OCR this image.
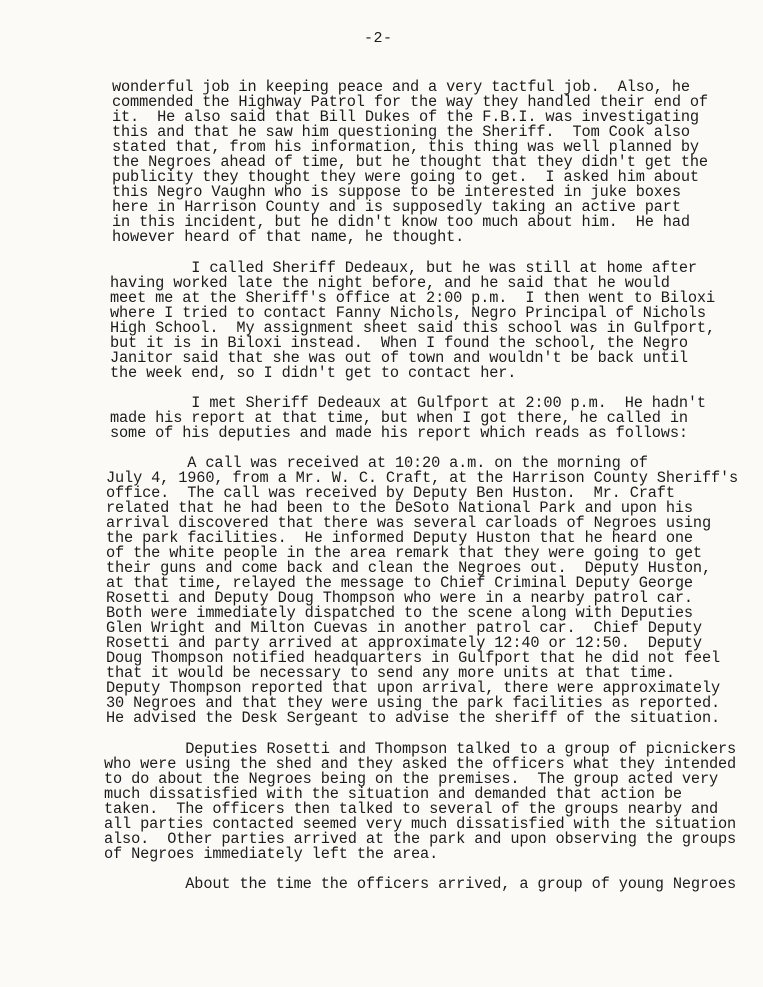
-2-
wonderful job in keeping peace and a very tactful job.  Also, he
commended the Highway Patrol for the way they handled their end of
it.  He also said that Bill Dukes of the F.B.I. was investigating
this and that he saw him questioning the Sheriff.  Tom Cook also
stated that, from his information, this thing was well planned by
the Negroes ahead of time, but he thought that they didn't get the
publicity they thought they were going to get.  I asked him about
this Negro Vaughn who is suppose to be interested in juke boxes
here in Harrison County and is supposedly taking an active part
in this incident, but he didn't know too much about him.  He had
however heard of that name, he thought.
I called Sheriff Dedeaux, but he was still at home after
having worked late the night before, and he said that he would
meet me at the Sheriff's office at 2:00 p.m.  I then went to Biloxi
where I tried to contact Fanny Nichols, Negro Principal of Nichols
High School.  My assignment sheet said this school was in Gulfport,
but it is in Biloxi instead.  When I found the school, the Negro
Janitor said that she was out of town and wouldn't be back until
the week end, so I didn't get to contact her.
I met Sheriff Dedeaux at Gulfport at 2:00 p.m.  He hadn't
made his report at that time, but when I got there, he called in
some of his deputies and made his report which reads as follows:
A call was received at 10:20 a.m. on the morning of
July 4, 1960, from a Mr. W. C. Craft, at the Harrison County Sheriff's
office.  The call was received by Deputy Ben Huston.  Mr. Craft
related that he had been to the DeSoto National Park and upon his
arrival discovered that there was several carloads of Negroes using
the park facilities.  He informed Deputy Huston that he heard one
of the white people in the area remark that they were going to get
their guns and come back and clean the Negroes out.  Deputy Huston,
at that time, relayed the message to Chief Criminal Deputy George
Rosetti and Deputy Doug Thompson who were in a nearby patrol car.
Both were immediately dispatched to the scene along with Deputies
Glen Wright and Milton Cuevas in another patrol car.  Chief Deputy
Rosetti and party arrived at approximately 12:40 or 12:50.  Deputy
Doug Thompson notified headquarters in Gulfport that he did not feel
that it would be necessary to send any more units at that time.
Deputy Thompson reported that upon arrival, there were approximately
30 Negroes and that they were using the park facilities as reported.
He advised the Desk Sergeant to advise the sheriff of the situation.
Deputies Rosetti and Thompson talked to a group of picnickers
who were using the shed and they asked the officers what they intended
to do about the Negroes being on the premises.  The group acted very
much dissatisfied with the situation and demanded that action be
taken.  The officers then talked to several of the groups nearby and
all parties contacted seemed very much dissatisfied with the situation
also.  Other parties arrived at the park and upon observing the groups
of Negroes immediately left the area.
About the time the officers arrived, a group of young Negroes
